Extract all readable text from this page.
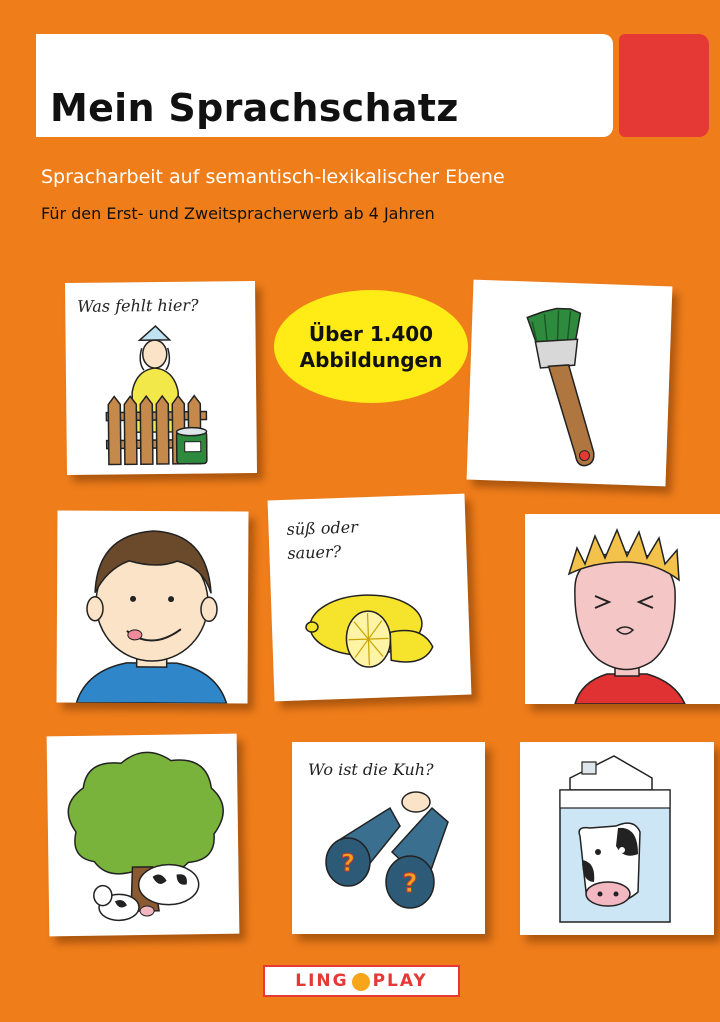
Mein Sprachschatz

Spracharbeit auf semantisch-lexikalischer Ebene

Für den Erst- und Zweitspracherwerb ab 4 Jahren

Was fehlt hier?
Über 1.400
Abbildungen
süß oder
sauer?
Wo ist die Kuh?
?
?
LING PLAY
